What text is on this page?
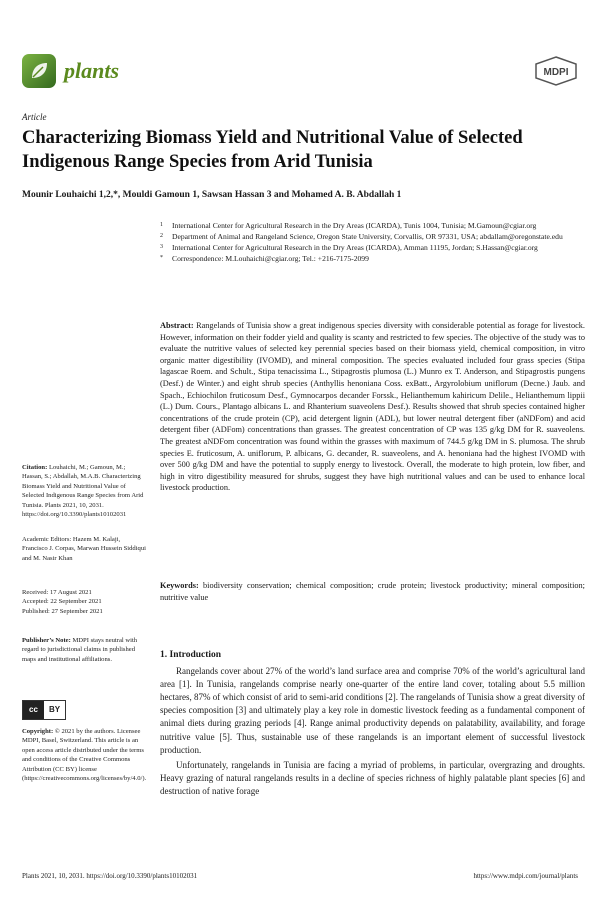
plants	MDPI
Article
Characterizing Biomass Yield and Nutritional Value of Selected Indigenous Range Species from Arid Tunisia
Mounir Louhaichi 1,2,*, Mouldi Gamoun 1, Sawsan Hassan 3 and Mohamed A. B. Abdallah 1
1	International Center for Agricultural Research in the Dry Areas (ICARDA), Tunis 1004, Tunisia; M.Gamoun@cgiar.org
2	Department of Animal and Rangeland Science, Oregon State University, Corvallis, OR 97331, USA; abdallam@oregonstate.edu
3	International Center for Agricultural Research in the Dry Areas (ICARDA), Amman 11195, Jordan; S.Hassan@cgiar.org
*	Correspondence: M.Louhaichi@cgiar.org; Tel.: +216-7175-2099

Abstract: Rangelands of Tunisia show a great indigenous species diversity with considerable potential as forage for livestock. However, information on their fodder yield and quality is scanty and restricted to few species. The objective of the study was to evaluate the nutritive values of selected key perennial species based on their biomass yield, chemical composition, in vitro organic matter digestibility (IVOMD), and mineral composition. The species evaluated included four grass species (Stipa lagascae Roem. and Schult., Stipa tenacissima L., Stipagrostis plumosa (L.) Munro ex T. Anderson, and Stipagrostis pungens (Desf.) de Winter.) and eight shrub species (Anthyllis henoniana Coss. exBatt., Argyrolobium uniflorum (Decne.) Jaub. and Spach., Echiochilon fruticosum Desf., Gymnocarpos decander Forssk., Helianthemum kahiricum Delile., Helianthemum lippii (L.) Dum. Cours., Plantago albicans L. and Rhanterium suaveolens Desf.). Results showed that shrub species contained higher concentrations of the crude protein (CP), acid detergent lignin (ADL), but lower neutral detergent fiber (aNDFom) and acid detergent fiber (ADFom) concentrations than grasses. The greatest concentration of CP was 135 g/kg DM for R. suaveolens. The greatest aNDFom concentration was found within the grasses with maximum of 744.5 g/kg DM in S. plumosa. The shrub species E. fruticosum, A. uniflorum, P. albicans, G. decander, R. suaveolens, and A. henoniana had the highest IVOMD with over 500 g/kg DM and have the potential to supply energy to livestock. Overall, the moderate to high protein, low fiber, and high in vitro digestibility measured for shrubs, suggest they have high nutritional values and can be used to enhance local livestock production.

Keywords: biodiversity conservation; chemical composition; crude protein; livestock productivity; mineral composition; nutritive value

1. Introduction

Rangelands cover about 27% of the world’s land surface area and comprise 70% of the world’s agricultural land area [1]. In Tunisia, rangelands comprise nearly one-quarter of the entire land cover, totaling about 5.5 million hectares, 87% of which consist of arid to semi-arid conditions [2]. The rangelands of Tunisia show a great diversity of species composition [3] and ultimately play a key role in domestic livestock feeding as a fundamental component of animal diets during grazing periods [4]. Range animal productivity depends on palatability, availability, and forage nutritive value [5]. Thus, sustainable use of these rangelands is an important element of successful livestock production.

Unfortunately, rangelands in Tunisia are facing a myriad of problems, in particular, overgrazing and droughts. Heavy grazing of natural rangelands results in a decline of species richness of highly palatable plant species [6] and destruction of native forage

Citation: Louhaichi, M.; Gamoun, M.; Hassan, S.; Abdallah, M.A.B. Characterizing Biomass Yield and Nutritional Value of Selected Indigenous Range Species from Arid Tunisia. Plants 2021, 10, 2031. https://doi.org/10.3390/plants10102031

Academic Editors: Hazem M. Kalaji, Francisco J. Corpas, Marwan Hussein Siddiqui and M. Nasir Khan

Received: 17 August 2021

Accepted: 22 September 2021

Published: 27 September 2021

Publisher’s Note: MDPI stays neutral with regard to jurisdictional claims in published maps and institutional affiliations.

cc	BY

Copyright: © 2021 by the authors. Licensee MDPI, Basel, Switzerland. This article is an open access article distributed under the terms and conditions of the Creative Commons Attribution (CC BY) license (https://creativecommons.org/licenses/by/4.0/).

Plants 2021, 10, 2031. https://doi.org/10.3390/plants10102031	https://www.mdpi.com/journal/plants
